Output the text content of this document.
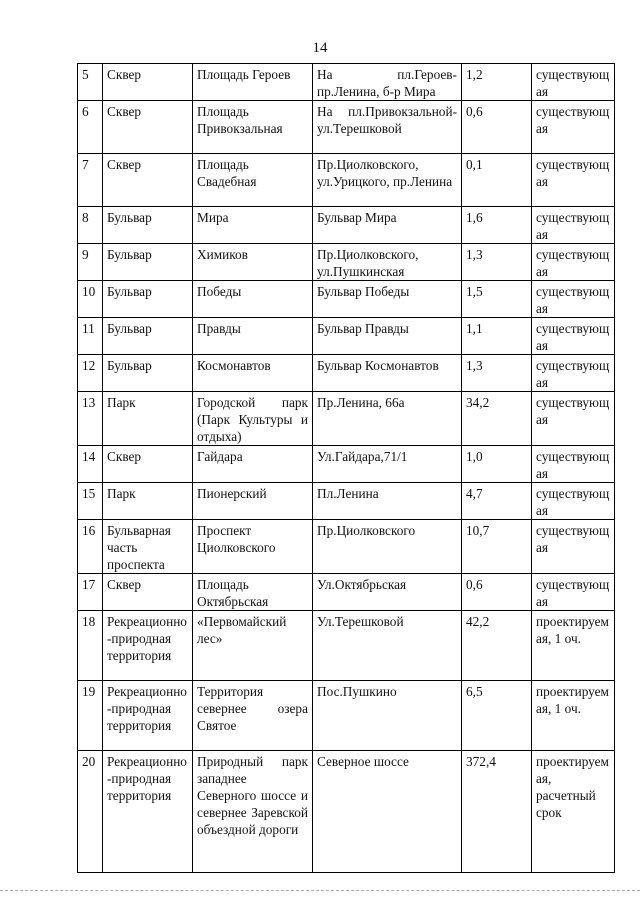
14
5	Сквер	Площадь Героев	На пл.Героев-пр.Ленина, б-р Мира	1,2	существующая
6	Сквер	Площадь Привокзальная	На пл.Привокзальной-ул.Терешковой	0,6	существующая
7	Сквер	Площадь Свадебная	Пр.Циолковского, ул.Урицкого, пр.Ленина	0,1	существующая
8	Бульвар	Мира	Бульвар Мира	1,6	существующая
9	Бульвар	Химиков	Пр.Циолковского, ул.Пушкинская	1,3	существующая
10	Бульвар	Победы	Бульвар Победы	1,5	существующая
11	Бульвар	Правды	Бульвар Правды	1,1	существующая
12	Бульвар	Космонавтов	Бульвар Космонавтов	1,3	существующая
13	Парк	Городской парк (Парк Культуры и отдыха)	Пр.Ленина, 66а	34,2	существующая
14	Сквер	Гайдара	Ул.Гайдара,71/1	1,0	существующая
15	Парк	Пионерский	Пл.Ленина	4,7	существующая
16	Бульварная часть проспекта	Проспект Циолковского	Пр.Циолковского	10,7	существующая
17	Сквер	Площадь Октябрьская	Ул.Октябрьская	0,6	существующая
18	Рекреационно-природная территория	«Первомайский лес»	Ул.Терешковой	42,2	проектируемая, 1 оч.
19	Рекреационно-природная территория	Территория севернее озера Святое	Пос.Пушкино	6,5	проектируемая, 1 оч.
20	Рекреационно-природная территория	Природный парк западнее Северного шоссе и севернее Заревской объездной дороги	Северное шоссе	372,4	проектируемая, расчетный срок
